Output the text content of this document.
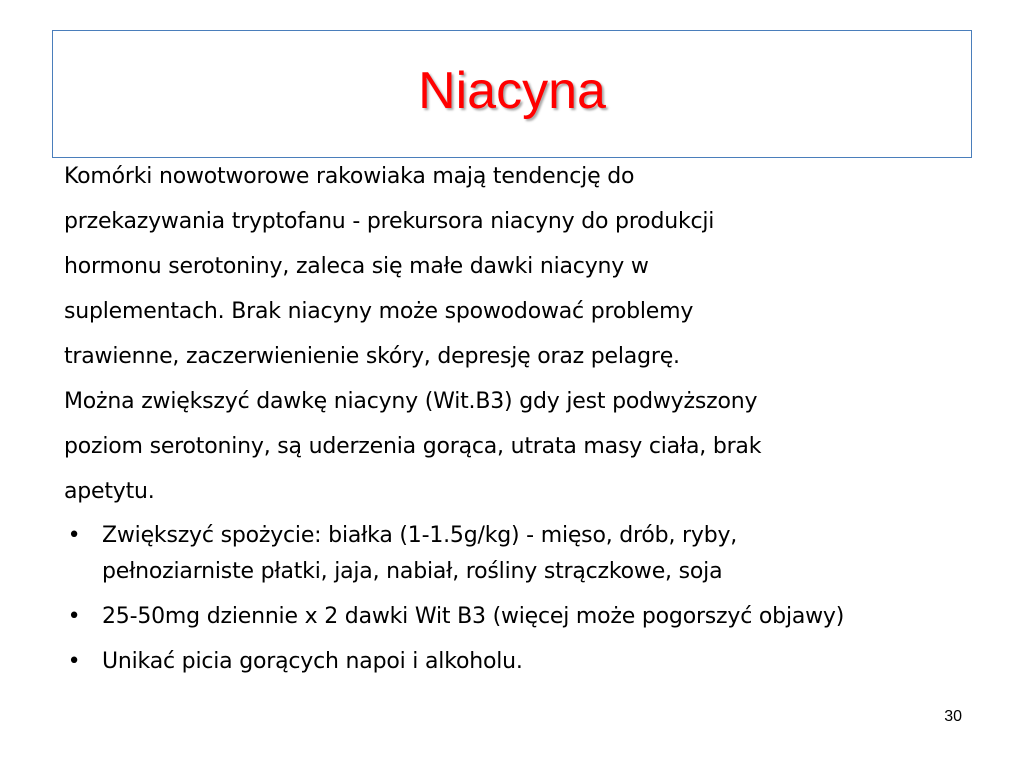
Niacyna
Komórki nowotworowe rakowiaka mają tendencję do
przekazywania tryptofanu - prekursora niacyny do produkcji
hormonu serotoniny, zaleca się małe dawki niacyny w
suplementach. Brak niacyny może spowodować problemy
trawienne, zaczerwienienie skóry, depresję oraz pelagrę.
Można zwiększyć dawkę niacyny (Wit.B3) gdy jest podwyższony
poziom serotoniny, są uderzenia gorąca, utrata masy ciała, brak
apetytu.
• Zwiększyć spożycie: białka (1-1.5g/kg) - mięso, drób, ryby,
pełnoziarniste płatki, jaja, nabiał, rośliny strączkowe, soja
• 25-50mg dziennie x 2 dawki Wit B3 (więcej może pogorszyć objawy)
• Unikać picia gorących napoi i alkoholu.
30
